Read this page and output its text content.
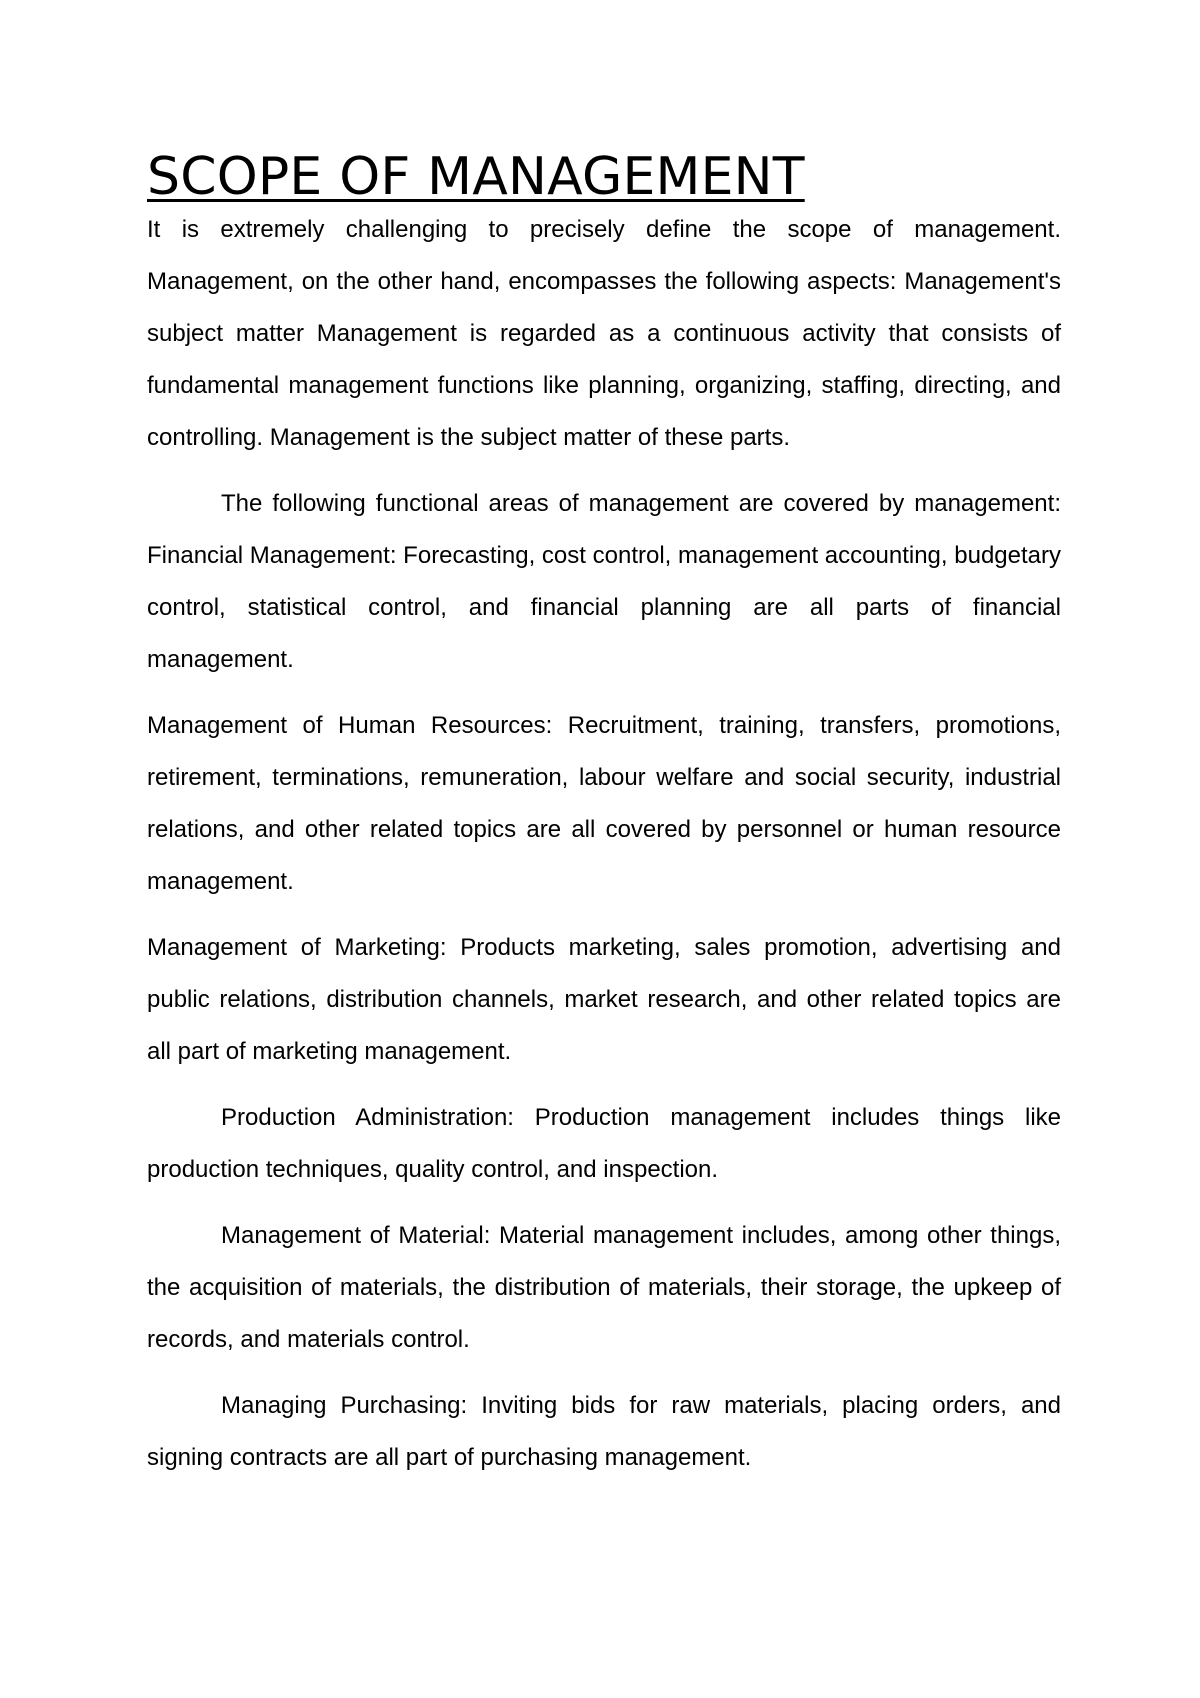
SCOPE OF MANAGEMENT

It is extremely challenging to precisely define the scope of management. Management, on the other hand, encompasses the following aspects: Management's subject matter Management is regarded as a continuous activity that consists of fundamental management functions like planning, organizing, staffing, directing, and controlling. Management is the subject matter of these parts.

The following functional areas of management are covered by management: Financial Management: Forecasting, cost control, management accounting, budgetary control, statistical control, and financial planning are all parts of financial management.

Management of Human Resources: Recruitment, training, transfers, promotions, retirement, terminations, remuneration, labour welfare and social security, industrial relations, and other related topics are all covered by personnel or human resource management.

Management of Marketing: Products marketing, sales promotion, advertising and public relations, distribution channels, market research, and other related topics are all part of marketing management.

Production Administration: Production management includes things like production techniques, quality control, and inspection.

Management of Material: Material management includes, among other things, the acquisition of materials, the distribution of materials, their storage, the upkeep of records, and materials control.

Managing Purchasing: Inviting bids for raw materials, placing orders, and signing contracts are all part of purchasing management.
